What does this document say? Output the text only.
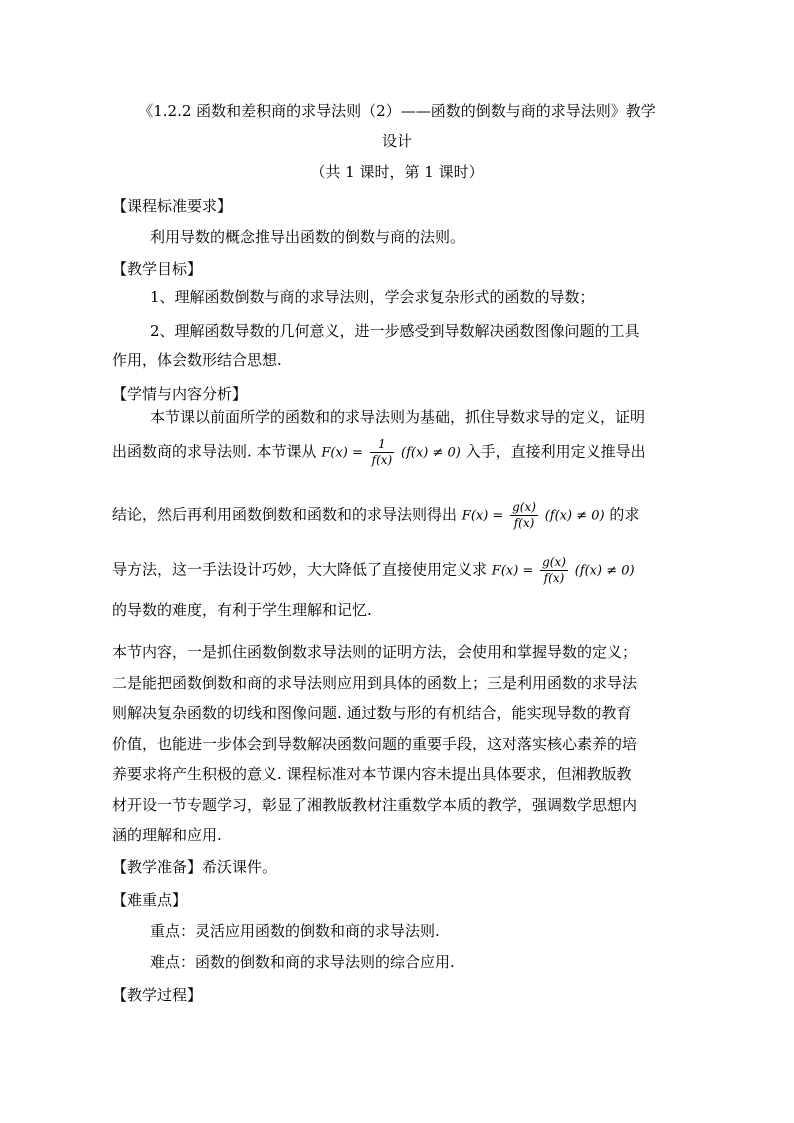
《1.2.2 函数和差积商的求导法则（2）——函数的倒数与商的求导法则》教学

设计

（共 1 课时，第 1 课时）

【课程标准要求】

利用导数的概念推导出函数的倒数与商的法则。

【教学目标】

1、理解函数倒数与商的求导法则，学会求复杂形式的函数的导数；

2、理解函数导数的几何意义，进一步感受到导数解决函数图像问题的工具

作用，体会数形结合思想.

【学情与内容分析】

本节课以前面所学的函数和的求导法则为基础，抓住导数求导的定义，证明

出函数商的求导法则. 本节课从 $F(x) = \frac{1}{f(x)} (f(x) \ne 0)$ 入手，直接利用定义推导出
结论，然后再利用函数倒数和函数和的求导法则得出 $F(x) = \frac{g(x)}{f(x)} (f(x) \ne 0)$ 的求
导方法，这一手法设计巧妙，大大降低了直接使用定义求 $F(x) = \frac{g(x)}{f(x)} (f(x) \ne 0)$

的导数的难度，有利于学生理解和记忆.

本节内容，一是抓住函数倒数求导法则的证明方法，会使用和掌握导数的定义；

二是能把函数倒数和商的求导法则应用到具体的函数上；三是利用函数的求导法

则解决复杂函数的切线和图像问题. 通过数与形的有机结合，能实现导数的教育

价值，也能进一步体会到导数解决函数问题的重要手段，这对落实核心素养的培

养要求将产生积极的意义. 课程标准对本节课内容未提出具体要求，但湘教版教

材开设一节专题学习，彰显了湘教版教材注重数学本质的教学，强调数学思想内

涵的理解和应用.

【教学准备】希沃课件。

【难重点】

重点：灵活应用函数的倒数和商的求导法则.

难点：函数的倒数和商的求导法则的综合应用.

【教学过程】
